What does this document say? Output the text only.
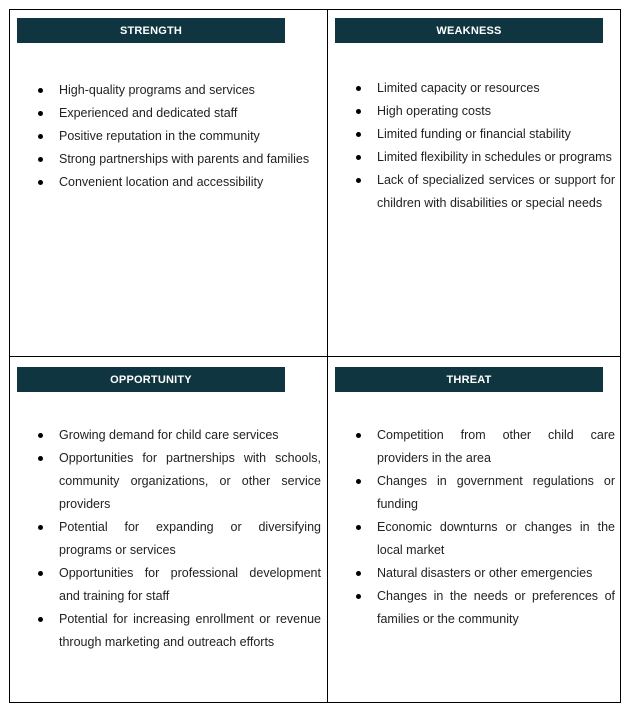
STRENGTH
High-quality programs and services
Experienced and dedicated staff
Positive reputation in the community
Strong partnerships with parents and families
Convenient location and accessibility
WEAKNESS
Limited capacity or resources
High operating costs
Limited funding or financial stability
Limited flexibility in schedules or programs
Lack of specialized services or support for children with disabilities or special needs
OPPORTUNITY
Growing demand for child care services
Opportunities for partnerships with schools, community organizations, or other service providers
Potential for expanding or diversifying programs or services
Opportunities for professional development and training for staff
Potential for increasing enrollment or revenue through marketing and outreach efforts
THREAT
Competition from other child care providers in the area
Changes in government regulations or funding
Economic downturns or changes in the local market
Natural disasters or other emergencies
Changes in the needs or preferences of families or the community
